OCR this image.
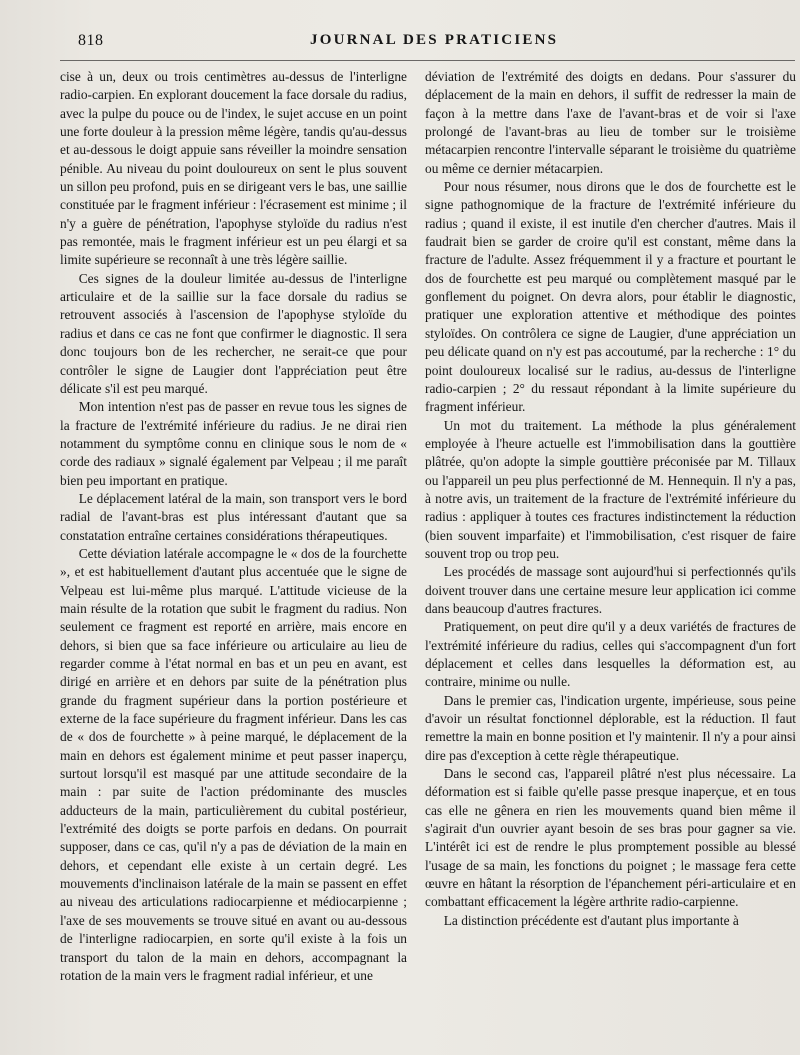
818	JOURNAL DES PRATICIENS

cise à un, deux ou trois centimètres au-dessus de l'interligne radio-carpien. En explorant doucement la face dorsale du radius, avec la pulpe du pouce ou de l'index, le sujet accuse en un point une forte douleur à la pression même légère, tandis qu'au-dessus et au-dessous le doigt appuie sans réveiller la moindre sensation pénible. Au niveau du point douloureux on sent le plus souvent un sillon peu profond, puis en se dirigeant vers le bas, une saillie constituée par le fragment inférieur : l'écrasement est minime ; il n'y a guère de pénétration, l'apophyse styloïde du radius n'est pas remontée, mais le fragment inférieur est un peu élargi et sa limite supérieure se reconnaît à une très légère saillie.

Ces signes de la douleur limitée au-dessus de l'interligne articulaire et de la saillie sur la face dorsale du radius se retrouvent associés à l'ascension de l'apophyse styloïde du radius et dans ce cas ne font que confirmer le diagnostic. Il sera donc toujours bon de les rechercher, ne serait-ce que pour contrôler le signe de Laugier dont l'appréciation peut être délicate s'il est peu marqué.

Mon intention n'est pas de passer en revue tous les signes de la fracture de l'extrémité inférieure du radius. Je ne dirai rien notamment du symptôme connu en clinique sous le nom de « corde des radiaux » signalé également par Velpeau ; il me paraît bien peu important en pratique.

Le déplacement latéral de la main, son transport vers le bord radial de l'avant-bras est plus intéressant d'autant que sa constatation entraîne certaines considérations thérapeutiques.

Cette déviation latérale accompagne le « dos de la fourchette », et est habituellement d'autant plus accentuée que le signe de Velpeau est lui-même plus marqué. L'attitude vicieuse de la main résulte de la rotation que subit le fragment du radius. Non seulement ce fragment est reporté en arrière, mais encore en dehors, si bien que sa face inférieure ou articulaire au lieu de regarder comme à l'état normal en bas et un peu en avant, est dirigé en arrière et en dehors par suite de la pénétration plus grande du fragment supérieur dans la portion postérieure et externe de la face supérieure du fragment inférieur. Dans les cas de « dos de fourchette » à peine marqué, le déplacement de la main en dehors est également minime et peut passer inaperçu, surtout lorsqu'il est masqué par une attitude secondaire de la main : par suite de l'action prédominante des muscles adducteurs de la main, particulièrement du cubital postérieur, l'extrémité des doigts se porte parfois en dedans. On pourrait supposer, dans ce cas, qu'il n'y a pas de déviation de la main en dehors, et cependant elle existe à un certain degré. Les mouvements d'inclinaison latérale de la main se passent en effet au niveau des articulations radiocarpienne et médiocarpienne ; l'axe de ses mouvements se trouve situé en avant ou au-dessous de l'interligne radiocarpien, en sorte qu'il existe à la fois un transport du talon de la main en dehors, accompagnant la rotation de la main vers le fragment radial inférieur, et une

déviation de l'extrémité des doigts en dedans. Pour s'assurer du déplacement de la main en dehors, il suffit de redresser la main de façon à la mettre dans l'axe de l'avant-bras et de voir si l'axe prolongé de l'avant-bras au lieu de tomber sur le troisième métacarpien rencontre l'intervalle séparant le troisième du quatrième ou même ce dernier métacarpien.

Pour nous résumer, nous dirons que le dos de fourchette est le signe pathognomique de la fracture de l'extrémité inférieure du radius ; quand il existe, il est inutile d'en chercher d'autres. Mais il faudrait bien se garder de croire qu'il est constant, même dans la fracture de l'adulte. Assez fréquemment il y a fracture et pourtant le dos de fourchette est peu marqué ou complètement masqué par le gonflement du poignet. On devra alors, pour établir le diagnostic, pratiquer une exploration attentive et méthodique des pointes styloïdes. On contrôlera ce signe de Laugier, d'une appréciation un peu délicate quand on n'y est pas accoutumé, par la recherche : 1° du point douloureux localisé sur le radius, au-dessus de l'interligne radio-carpien ; 2° du ressaut répondant à la limite supérieure du fragment inférieur.

Un mot du traitement. La méthode la plus généralement employée à l'heure actuelle est l'immobilisation dans la gouttière plâtrée, qu'on adopte la simple gouttière préconisée par M. Tillaux ou l'appareil un peu plus perfectionné de M. Hennequin. Il n'y a pas, à notre avis, un traitement de la fracture de l'extrémité inférieure du radius : appliquer à toutes ces fractures indistinctement la réduction (bien souvent imparfaite) et l'immobilisation, c'est risquer de faire souvent trop ou trop peu.

Les procédés de massage sont aujourd'hui si perfectionnés qu'ils doivent trouver dans une certaine mesure leur application ici comme dans beaucoup d'autres fractures.

Pratiquement, on peut dire qu'il y a deux variétés de fractures de l'extrémité inférieure du radius, celles qui s'accompagnent d'un fort déplacement et celles dans lesquelles la déformation est, au contraire, minime ou nulle.

Dans le premier cas, l'indication urgente, impérieuse, sous peine d'avoir un résultat fonctionnel déplorable, est la réduction. Il faut remettre la main en bonne position et l'y maintenir. Il n'y a pour ainsi dire pas d'exception à cette règle thérapeutique.

Dans le second cas, l'appareil plâtré n'est plus nécessaire. La déformation est si faible qu'elle passe presque inaperçue, et en tous cas elle ne gênera en rien les mouvements quand bien même il s'agirait d'un ouvrier ayant besoin de ses bras pour gagner sa vie. L'intérêt ici est de rendre le plus promptement possible au blessé l'usage de sa main, les fonctions du poignet ; le massage fera cette œuvre en hâtant la résorption de l'épanchement péri-articulaire et en combattant efficacement la légère arthrite radio-carpienne.

La distinction précédente est d'autant plus importante à
